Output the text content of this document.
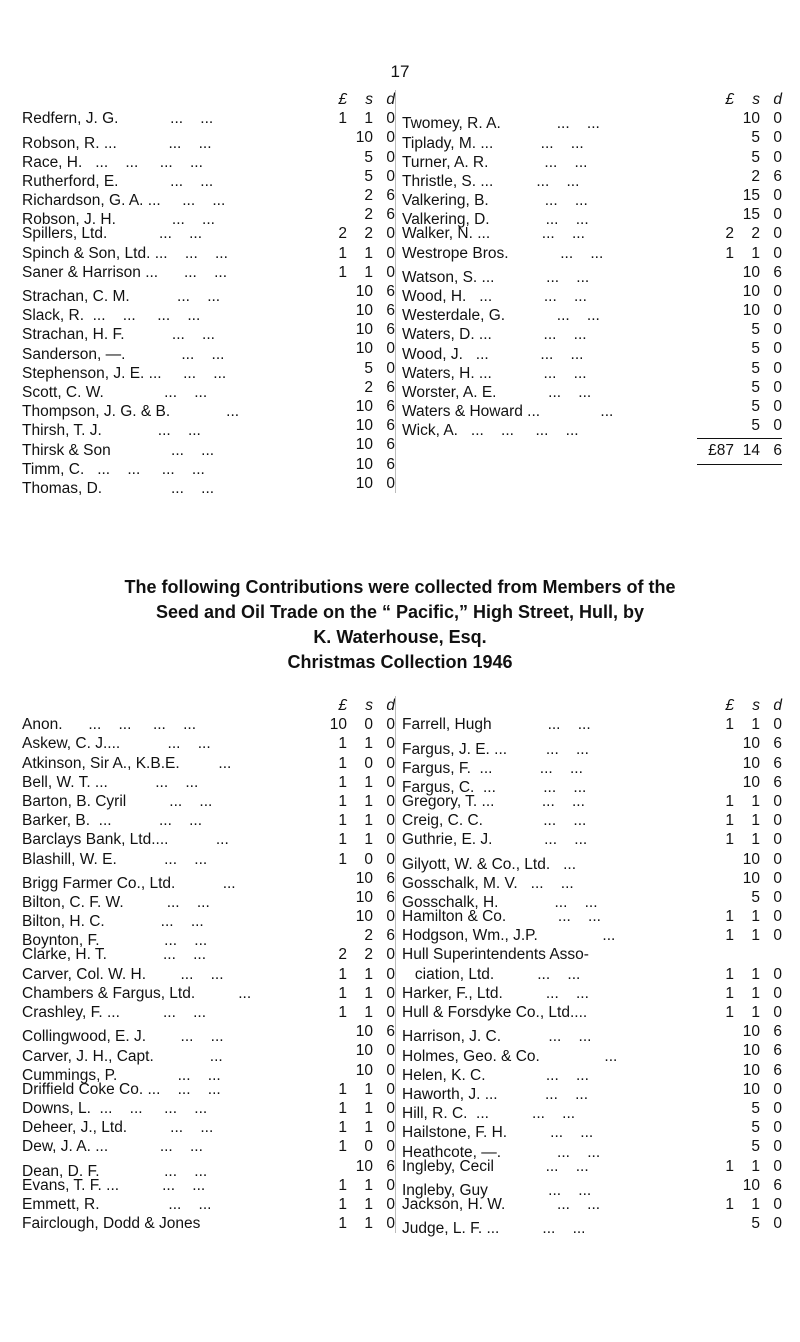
17
£	s d
Redfern, J. G.            ...    ...	1	1 0
Robson, R. ...            ...    ...	10 0
Race, H.   ...    ...     ...    ...	5 0
Rutherford, E.            ...    ...	5 0
Richardson, G. A. ...     ...    ...	2 6
Robson, J. H.             ...    ...	2 6
Spillers, Ltd.            ...    ...	2	2 0
Spinch & Son, Ltd. ...    ...    ...	1	1 0
Saner & Harrison ...      ...    ...	1	1 0
Strachan, C. M.           ...    ...	10 6
Slack, R.  ...    ...     ...    ...	10 6
Strachan, H. F.           ...    ...	10 6
Sanderson, —.             ...    ...	10 0
Stephenson, J. E. ...     ...    ...	5 0
Scott, C. W.              ...    ...	2 6
Thompson, J. G. & B.             ...	10 6
Thirsh, T. J.             ...    ...	10 6
Thirsk & Son              ...    ...	10 6
Timm, C.   ...    ...     ...    ...	10 6
Thomas, D.                ...    ...	10 0
£	s d
Twomey, R. A.             ...    ...	10 0
Tiplady, M. ...           ...    ...	5 0
Turner, A. R.             ...    ...	5 0
Thristle, S. ...          ...    ...	2 6
Valkering, B.             ...    ...	15 0
Valkering, D.             ...    ...	15 0
Walker, N. ...            ...    ...	2	2 0
Westrope Bros.            ...    ...	1	1 0
Watson, S. ...            ...    ...	10 6
Wood, H.   ...            ...    ...	10 0
Westerdale, G.            ...    ...	10 0
Waters, D. ...            ...    ...	5 0
Wood, J.   ...            ...    ...	5 0
Waters, H. ...            ...    ...	5 0
Worster, A. E.            ...    ...	5 0
Waters & Howard ...              ...	5 0
Wick, A.   ...    ...     ...    ...	5 0
£87 14 6
The following Contributions were collected from Members of the
Seed and Oil Trade on the “ Pacific,” High Street, Hull, by
K. Waterhouse, Esq.
Christmas Collection 1946
£	s d
Anon.      ...    ...     ...    ...	10	0 0
Askew, C. J....           ...    ...	1	1 0
Atkinson, Sir A., K.B.E.         ...	1	0 0
Bell, W. T. ...           ...    ...	1	1 0
Barton, B. Cyril          ...    ...	1	1 0
Barker, B.  ...           ...    ...	1	1 0
Barclays Bank, Ltd....           ...	1	1 0
Blashill, W. E.           ...    ...	1	0 0
Brigg Farmer Co., Ltd.           ...	10 6
Bilton, C. F. W.          ...    ...	10 6
Bilton, H. C.             ...    ...	10 0
Boynton, F.               ...    ...	2 6
Clarke, H. T.             ...    ...	2	2 0
Carver, Col. W. H.        ...    ...	1	1 0
Chambers & Fargus, Ltd.          ...	1	1 0
Crashley, F. ...          ...    ...	1	1 0
Collingwood, E. J.        ...    ...	10 6
Carver, J. H., Capt.             ...	10 0
Cummings, P.              ...    ...	10 0
Driffield Coke Co. ...    ...    ...	1	1 0
Downs, L.  ...    ...     ...    ...	1	1 0
Deheer, J., Ltd.          ...    ...	1	1 0
Dew, J. A. ...            ...    ...	1	0 0
Dean, D. F.               ...    ...	10 6
Evans, T. F. ...          ...    ...	1	1 0
Emmett, R.                ...    ...	1	1 0
Fairclough, Dodd & Jones	1	1 0
£	s d
Farrell, Hugh             ...    ...	1	1 0
Fargus, J. E. ...         ...    ...	10 6
Fargus, F.  ...           ...    ...	10 6
Fargus, C.  ...           ...    ...	10 6
Gregory, T. ...           ...    ...	1	1 0
Creig, C. C.              ...    ...	1	1 0
Guthrie, E. J.            ...    ...	1	1 0
Gilyott, W. & Co., Ltd.   ...	10 0
Gosschalk, M. V.   ...    ...	10 0
Gosschalk, H.             ...    ...	5 0
Hamilton & Co.            ...    ...	1	1 0
Hodgson, Wm., J.P.               ...	1	1 0
Hull Superintendents Asso-
ciation, Ltd.          ...    ...	1	1 0
Harker, F., Ltd.          ...    ...	1	1 0
Hull & Forsdyke Co., Ltd....	1	1 0
Harrison, J. C.           ...    ...	10 6
Holmes, Geo. & Co.               ...	10 6
Helen, K. C.              ...    ...	10 6
Haworth, J. ...           ...    ...	10 0
Hill, R. C.  ...          ...    ...	5 0
Hailstone, F. H.          ...    ...	5 0
Heathcote, —.             ...    ...	5 0
Ingleby, Cecil            ...    ...	1	1 0
Ingleby, Guy              ...    ...	10 6
Jackson, H. W.            ...    ...	1	1 0
Judge, L. F. ...          ...    ...	5 0
